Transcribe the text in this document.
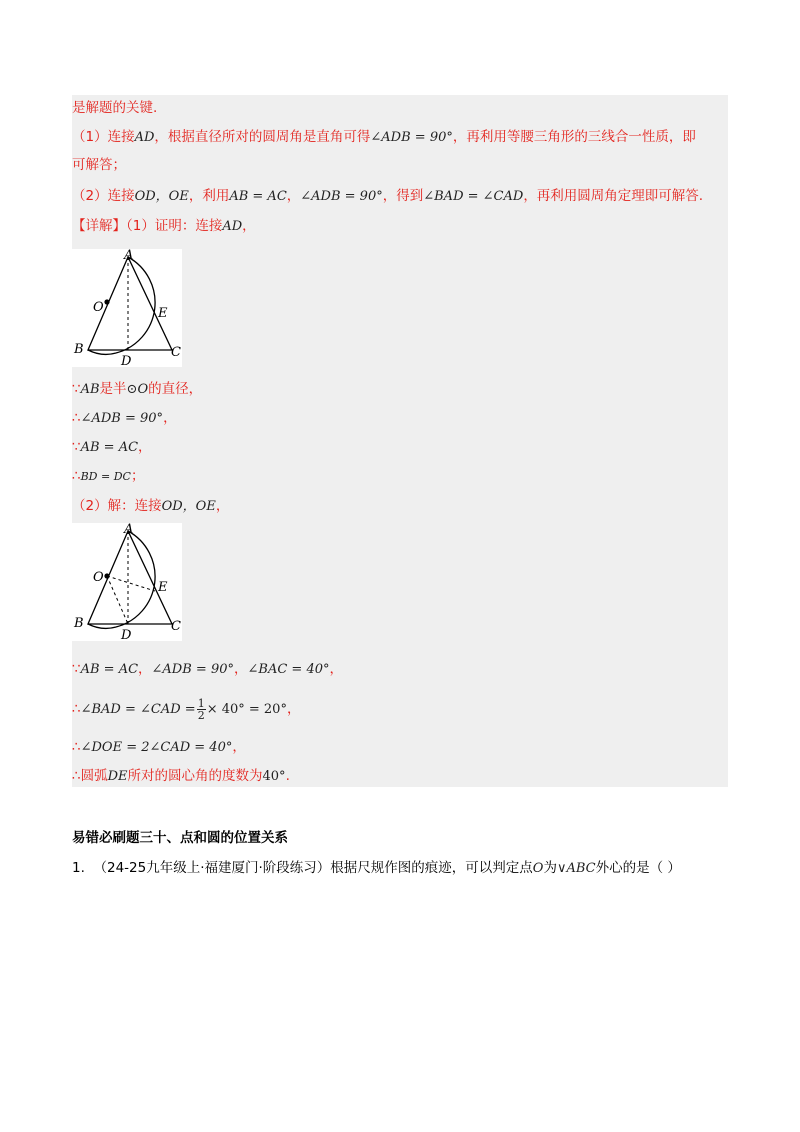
是解题的关键.
（1）连接AD，根据直径所对的圆周角是直角可得∠ADB = 90°，再利用等腰三角形的三线合一性质，即
可解答；
（2）连接OD，OE，利用AB = AC，∠ADB = 90°，得到∠BAD = ∠CAD，再利用圆周角定理即可解答.
【详解】（1）证明：连接AD，
A
O	E
B
D
C
∵AB是半⊙O的直径，
∴∠ADB = 90°，
∵AB = AC，
∴BD = DC；
（2）解：连接OD，OE，
A
O
E
B
D
C
∵AB = AC，∠ADB = 90°，∠BAC = 40°，
∴∠BAD = ∠CAD = $\frac{1}{2} \times 40^\circ = 20^\circ$，
∴∠DOE = 2∠CAD = 40°，
∴圆弧DE所对的圆心角的度数为40°.
易错必刷题三十、点和圆的位置关系
1. （24-25九年级上·福建厦门·阶段练习）根据尺规作图的痕迹，可以判定点O为∨ABC外心的是（ ）
